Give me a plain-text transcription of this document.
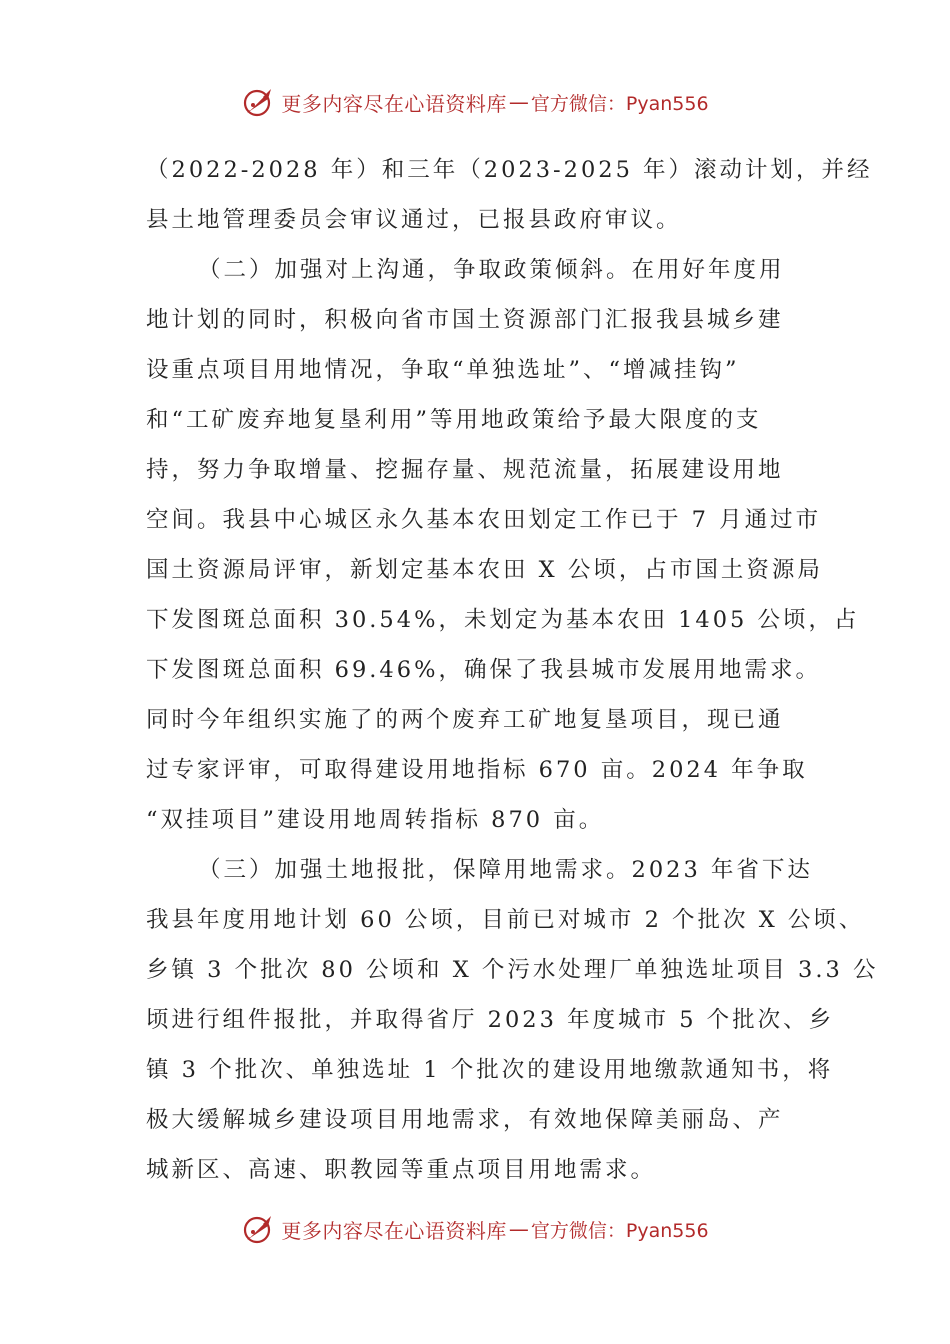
更多内容尽在心语资料库 — 官方微信：Pyan556
（2022-2028 年）和三年（2023-2025 年）滚动计划，并经
县土地管理委员会审议通过，已报县政府审议。
（二）加强对上沟通，争取政策倾斜。在用好年度用
地计划的同时，积极向省市国土资源部门汇报我县城乡建
设重点项目用地情况，争取“单独选址”、“增减挂钩”
和“工矿废弃地复垦利用”等用地政策给予最大限度的支
持，努力争取增量、挖掘存量、规范流量，拓展建设用地
空间。我县中心城区永久基本农田划定工作已于 7 月通过市
国土资源局评审，新划定基本农田 X 公顷，占市国土资源局
下发图斑总面积 30.54%，未划定为基本农田 1405 公顷，占
下发图斑总面积 69.46%，确保了我县城市发展用地需求。
同时今年组织实施了的两个废弃工矿地复垦项目，现已通
过专家评审，可取得建设用地指标 670 亩。2024 年争取
“双挂项目”建设用地周转指标 870 亩。
（三）加强土地报批，保障用地需求。2023 年省下达
我县年度用地计划 60 公顷，目前已对城市 2 个批次 X 公顷、
乡镇 3 个批次 80 公顷和 X 个污水处理厂单独选址项目 3.3 公
顷进行组件报批，并取得省厅 2023 年度城市 5 个批次、乡
镇 3 个批次、单独选址 1 个批次的建设用地缴款通知书，将
极大缓解城乡建设项目用地需求，有效地保障美丽岛、产
城新区、高速、职教园等重点项目用地需求。
更多内容尽在心语资料库 — 官方微信：Pyan556
